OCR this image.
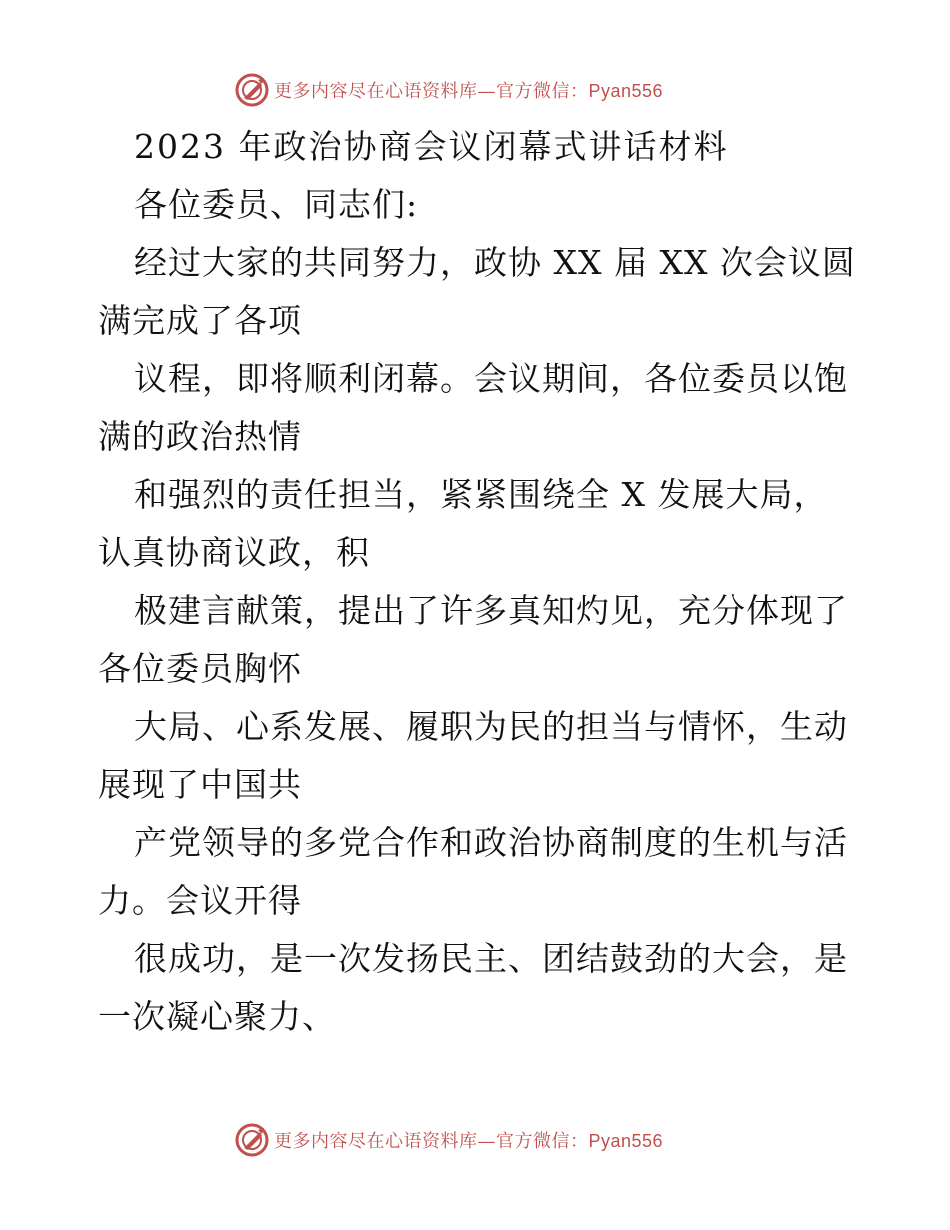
更多内容尽在心语资料库—官方微信：Pyan556
2023 年政治协商会议闭幕式讲话材料
各位委员、同志们:
经过大家的共同努力，政协 XX 届 XX 次会议圆
满完成了各项
议程，即将顺利闭幕。会议期间，各位委员以饱
满的政治热情
和强烈的责任担当，紧紧围绕全 X 发展大局，
认真协商议政，积
极建言献策，提出了许多真知灼见，充分体现了
各位委员胸怀
大局、心系发展、履职为民的担当与情怀，生动
展现了中国共
产党领导的多党合作和政治协商制度的生机与活
力。会议开得
很成功，是一次发扬民主、团结鼓劲的大会，是
一次凝心聚力、
更多内容尽在心语资料库—官方微信：Pyan556
